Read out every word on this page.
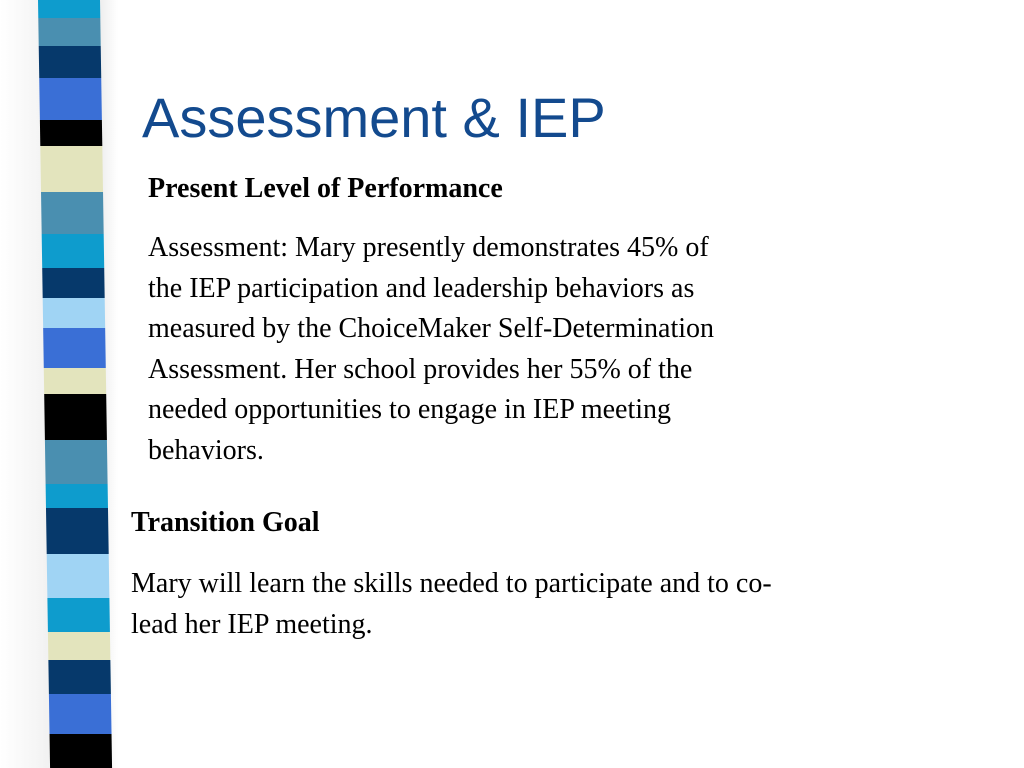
Assessment & IEP
Present Level of Performance

Assessment: Mary presently demonstrates 45% of
the IEP participation and leadership behaviors as
measured by the ChoiceMaker Self-Determination
Assessment. Her school provides her 55% of the
needed opportunities to engage in IEP meeting
behaviors.

Transition Goal

Mary will learn the skills needed to participate and to co-
lead her IEP meeting.
